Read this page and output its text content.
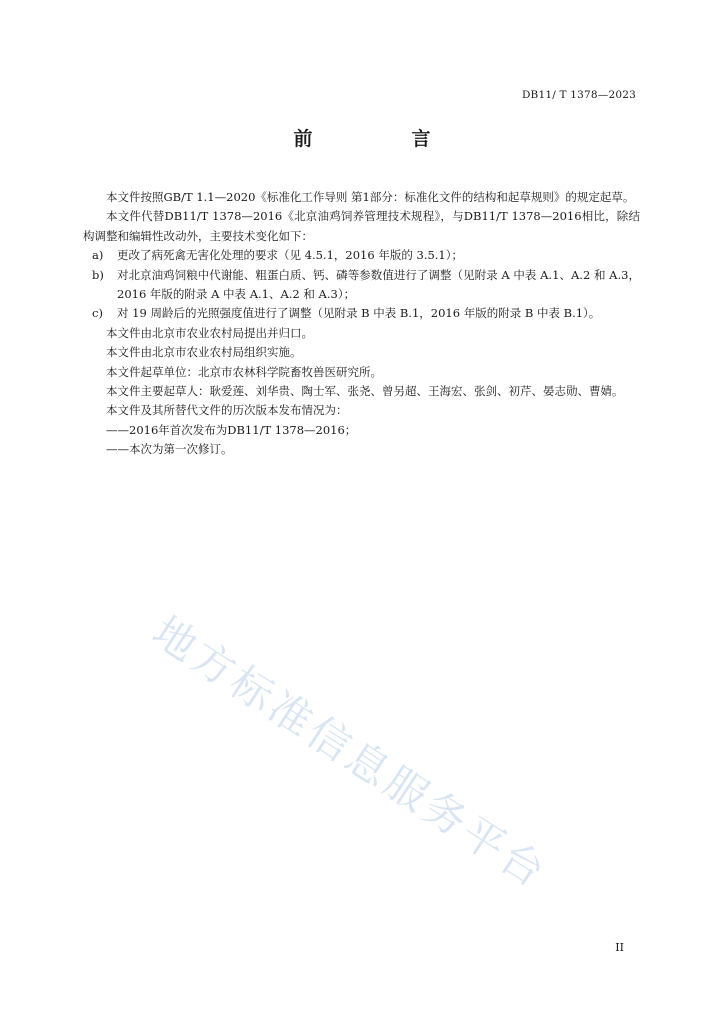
DB11/ T 1378—2023
前　言

本文件按照GB/T 1.1—2020《标准化工作导则 第1部分：标准化文件的结构和起草规则》的规定起草。

本文件代替DB11/T 1378—2016《北京油鸡饲养管理技术规程》，与DB11/T 1378—2016相比，除结构调整和编辑性改动外，主要技术变化如下：

a)	更改了病死禽无害化处理的要求（见 4.5.1，2016 年版的 3.5.1）；
b)	对北京油鸡饲粮中代谢能、粗蛋白质、钙、磷等参数值进行了调整（见附录 A 中表 A.1、A.2 和 A.3，2016 年版的附录 A 中表 A.1、A.2 和 A.3）；
c)	对 19 周龄后的光照强度值进行了调整（见附录 B 中表 B.1，2016 年版的附录 B 中表 B.1）。

本文件由北京市农业农村局提出并归口。

本文件由北京市农业农村局组织实施。

本文件起草单位：北京市农林科学院畜牧兽医研究所。

本文件主要起草人：耿爱莲、刘华贵、陶士军、张尧、曾另超、王海宏、张剑、初芹、晏志勋、曹婧。

本文件及其所替代文件的历次版本发布情况为：

——2016年首次发布为DB11/T 1378—2016；

——本次为第一次修订。

地方标准信息服务平台
II
